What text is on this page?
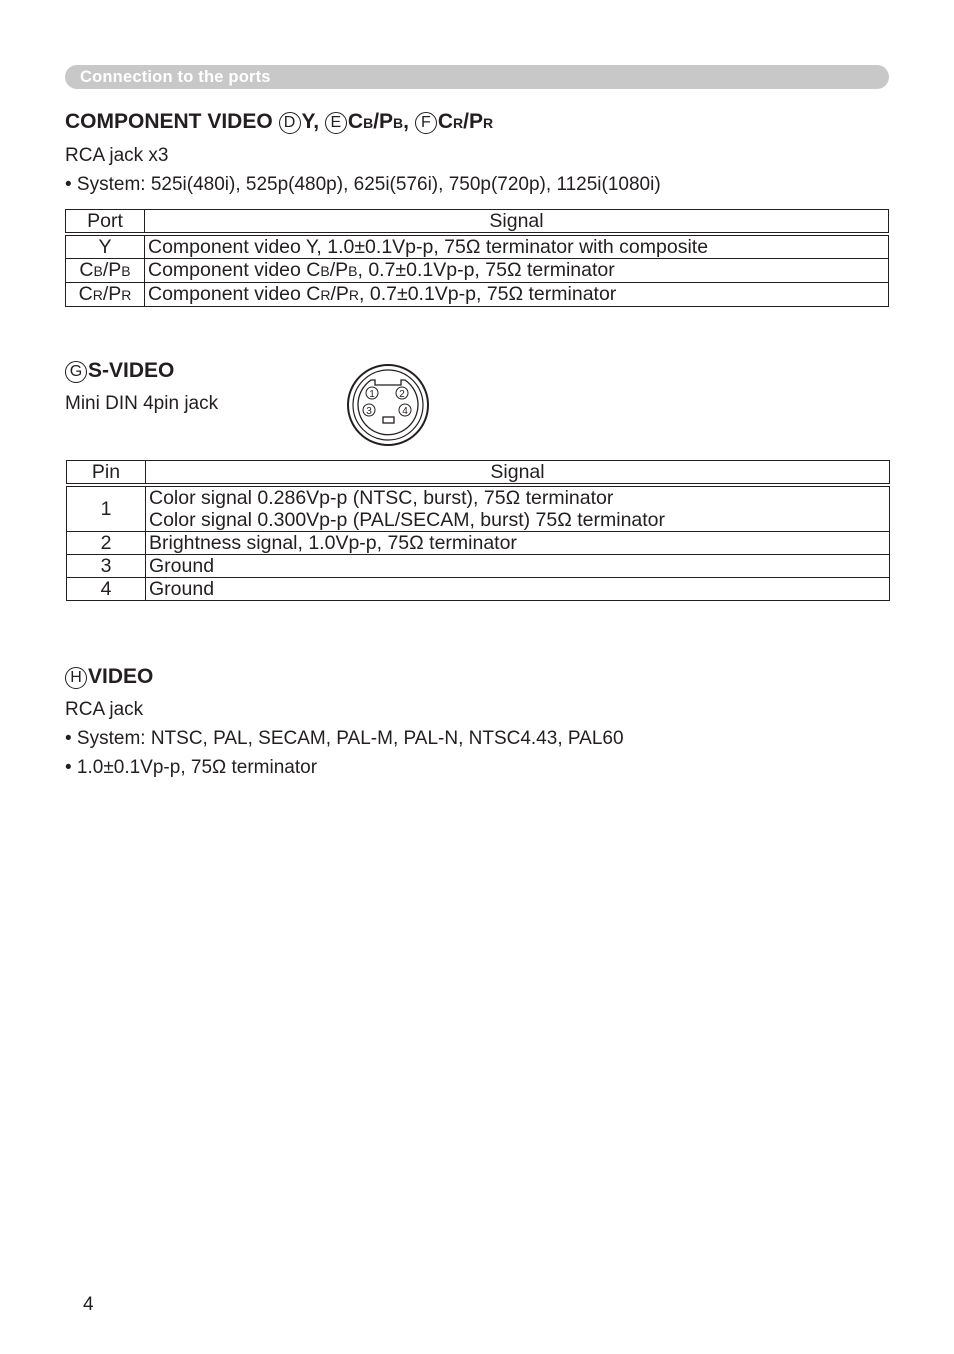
Connection to the ports
COMPONENT VIDEO D Y, E CB/PB, F CR/PR
RCA jack x3
• System: 525i(480i), 525p(480p), 625i(576i), 750p(720p), 1125i(1080i)
Port	Signal
Y	Component video Y, 1.0±0.1Vp-p, 75Ω terminator with composite
CB/PB	Component video CB/PB, 0.7±0.1Vp-p, 75Ω terminator
CR/PR	Component video CR/PR, 0.7±0.1Vp-p, 75Ω terminator
G S-VIDEO
Mini DIN 4pin jack	1 2
3	4
Pin	Signal
1	Color signal 0.286Vp-p (NTSC, burst), 75Ω terminator
Color signal 0.300Vp-p (PAL/SECAM, burst) 75Ω terminator

2	Brightness signal, 1.0Vp-p, 75Ω terminator
3	Ground
4	Ground
H VIDEO
RCA jack
• System: NTSC, PAL, SECAM, PAL-M, PAL-N, NTSC4.43, PAL60
• 1.0±0.1Vp-p, 75Ω terminator
4
